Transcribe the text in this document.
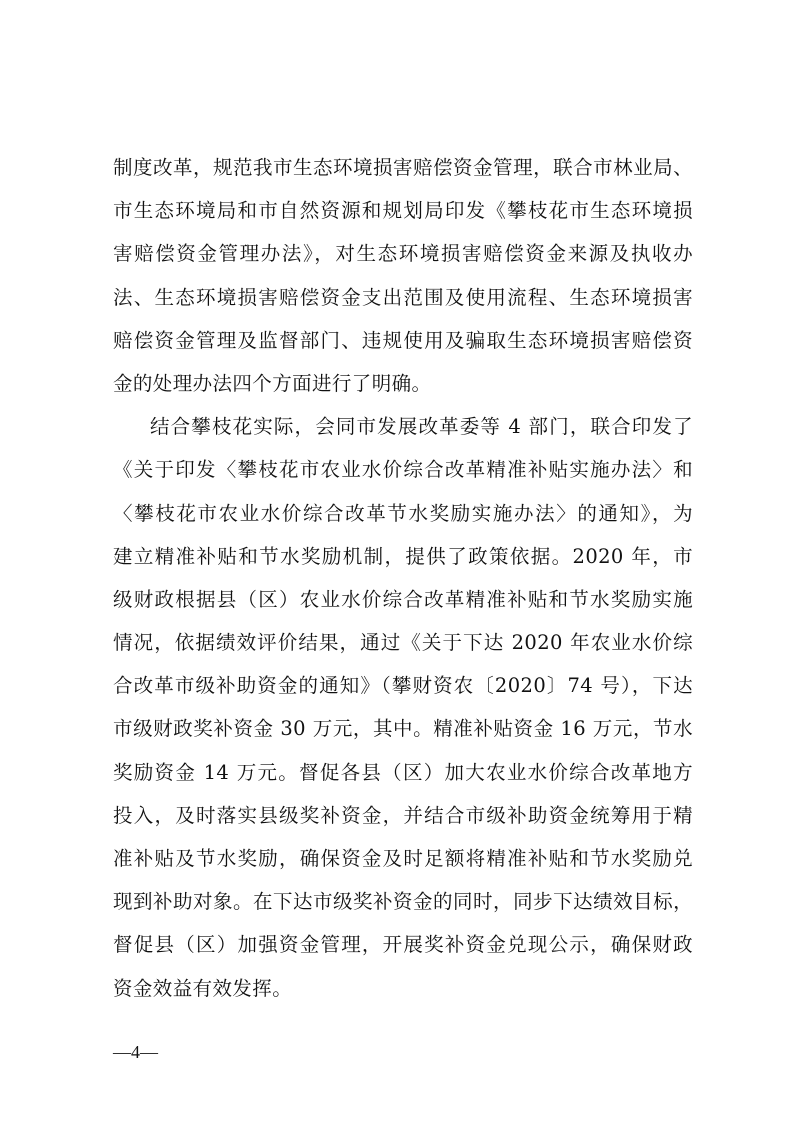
制度改革，规范我市生态环境损害赔偿资金管理，联合市林业局、
市生态环境局和市自然资源和规划局印发《攀枝花市生态环境损
害赔偿资金管理办法》，对生态环境损害赔偿资金来源及执收办
法、生态环境损害赔偿资金支出范围及使用流程、生态环境损害
赔偿资金管理及监督部门、违规使用及骗取生态环境损害赔偿资
金的处理办法四个方面进行了明确。
结合攀枝花实际，会同市发展改革委等 4 部门，联合印发了
《关于印发〈攀枝花市农业水价综合改革精准补贴实施办法〉和
〈攀枝花市农业水价综合改革节水奖励实施办法〉的通知》，为
建立精准补贴和节水奖励机制，提供了政策依据。2020 年，市
级财政根据县（区）农业水价综合改革精准补贴和节水奖励实施
情况，依据绩效评价结果，通过《关于下达 2020 年农业水价综
合改革市级补助资金的通知》（攀财资农〔2020〕74 号），下达
市级财政奖补资金 30 万元，其中。精准补贴资金 16 万元，节水
奖励资金 14 万元。督促各县（区）加大农业水价综合改革地方
投入，及时落实县级奖补资金，并结合市级补助资金统筹用于精
准补贴及节水奖励，确保资金及时足额将精准补贴和节水奖励兑
现到补助对象。在下达市级奖补资金的同时，同步下达绩效目标，
督促县（区）加强资金管理，开展奖补资金兑现公示，确保财政
资金效益有效发挥。
—4—
